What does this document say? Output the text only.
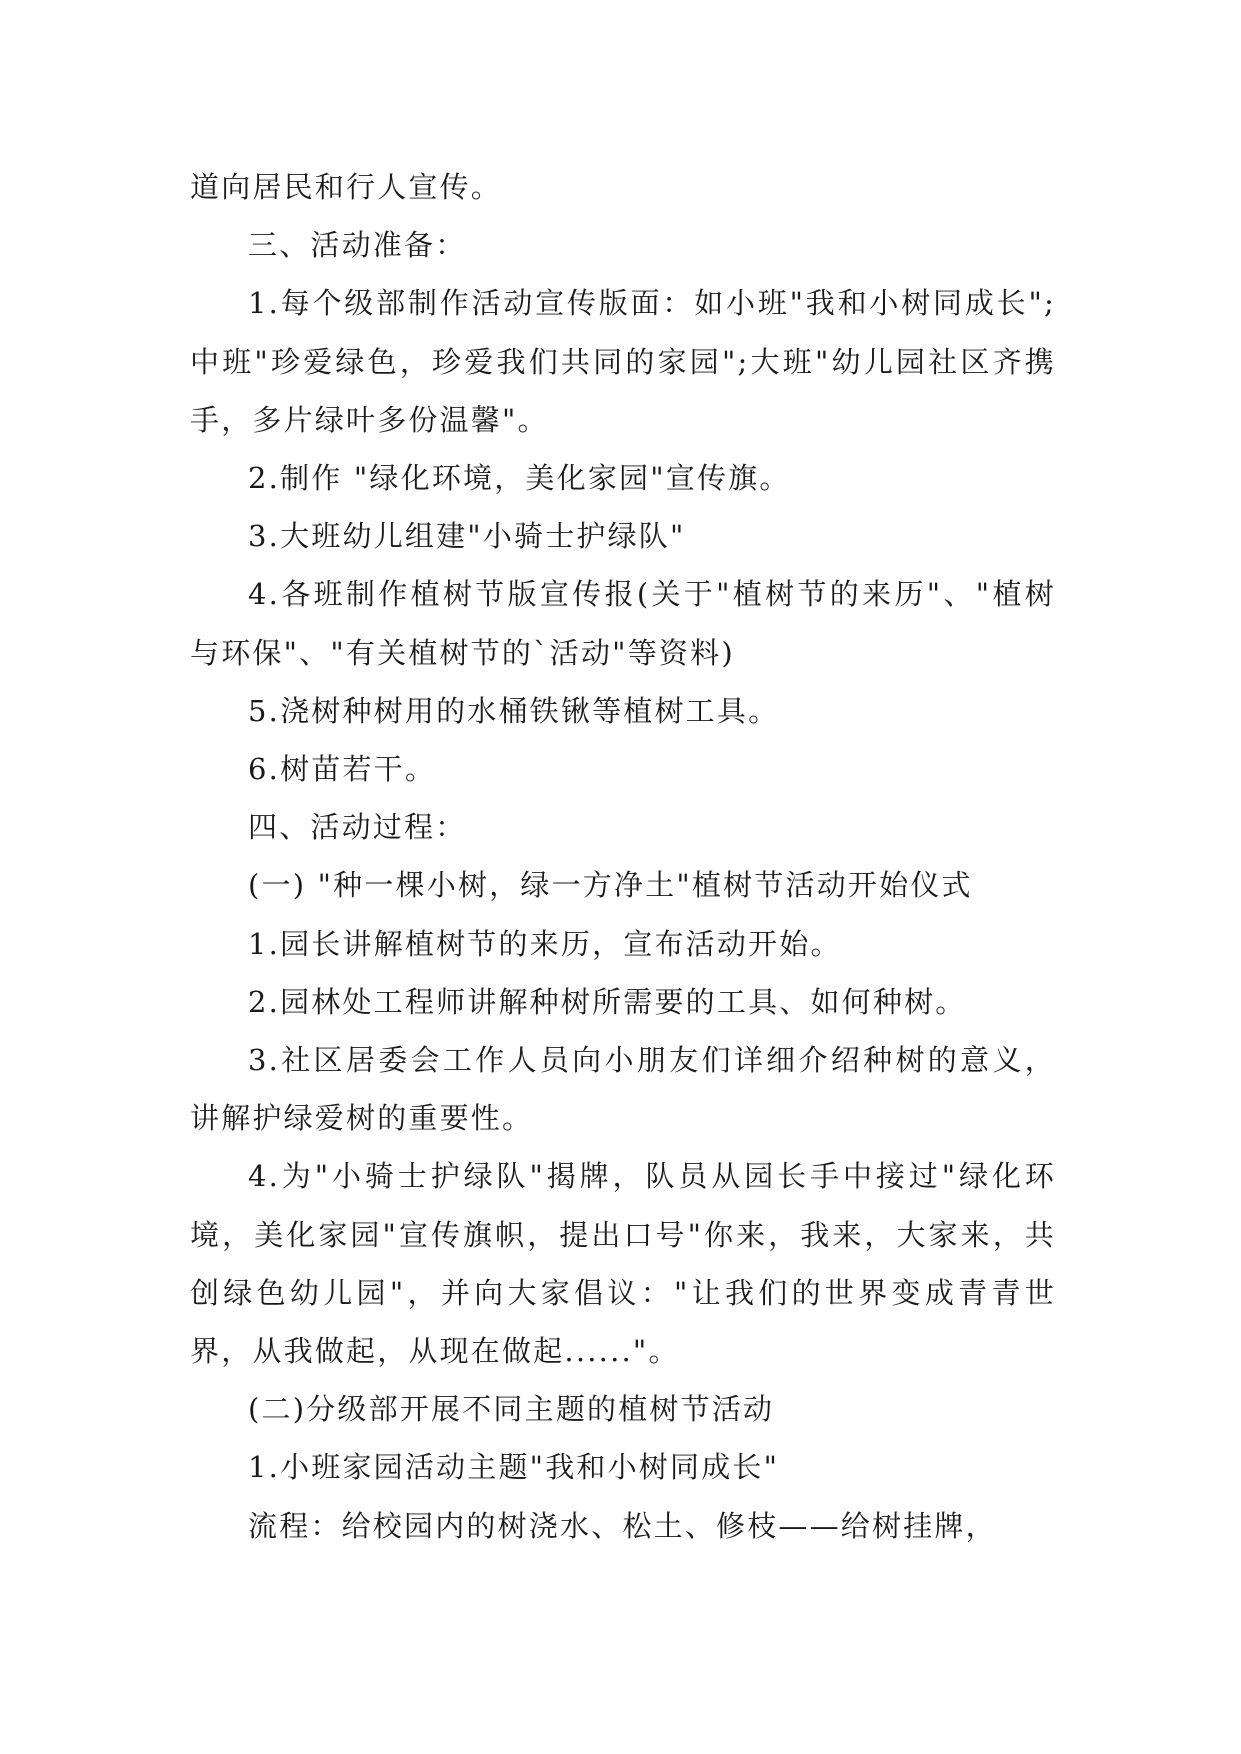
道向居民和行人宣传。

三、活动准备：

1.每个级部制作活动宣传版面：如小班"我和小树同成长";中班"珍爱绿色，珍爱我们共同的家园";大班"幼儿园社区齐携手，多片绿叶多份温馨"。

2.制作 "绿化环境，美化家园"宣传旗。

3.大班幼儿组建"小骑士护绿队"

4.各班制作植树节版宣传报(关于"植树节的来历"、"植树与环保"、"有关植树节的`活动"等资料)

5.浇树种树用的水桶铁锹等植树工具。

6.树苗若干。

四、活动过程：

(一) "种一棵小树，绿一方净土"植树节活动开始仪式

1.园长讲解植树节的来历，宣布活动开始。

2.园林处工程师讲解种树所需要的工具、如何种树。

3.社区居委会工作人员向小朋友们详细介绍种树的意义，讲解护绿爱树的重要性。

4.为"小骑士护绿队"揭牌，队员从园长手中接过"绿化环境，美化家园"宣传旗帜，提出口号"你来，我来，大家来，共创绿色幼儿园"，并向大家倡议："让我们的世界变成青青世界，从我做起，从现在做起......"。

(二)分级部开展不同主题的植树节活动

1.小班家园活动主题"我和小树同成长"

流程：给校园内的树浇水、松土、修枝——给树挂牌，
